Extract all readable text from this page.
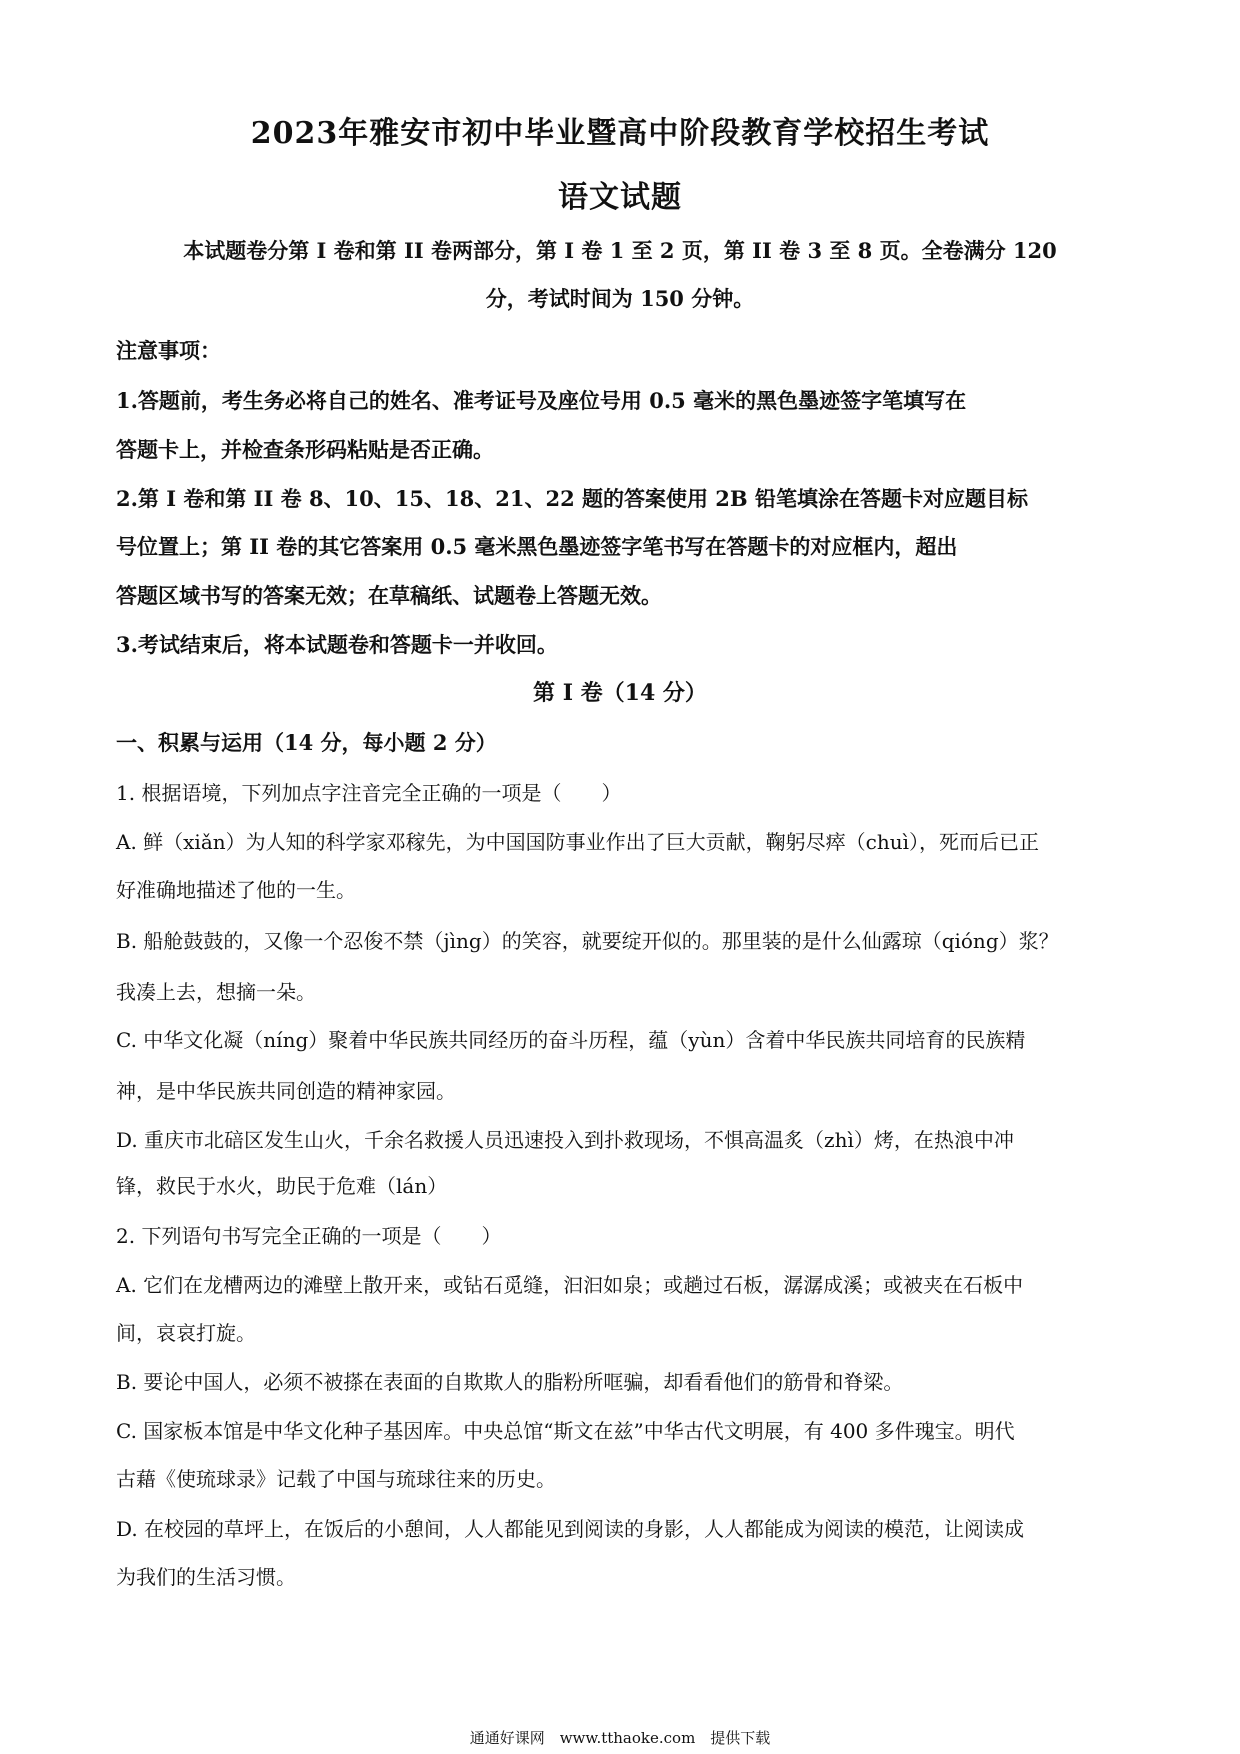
2023年雅安市初中毕业暨高中阶段教育学校招生考试
语文试题
本试题卷分第 I 卷和第 II 卷两部分，第 I 卷 1 至 2 页，第 II 卷 3 至 8 页。全卷满分 120
分，考试时间为 150 分钟。
注意事项：
1.答题前，考生务必将自己的姓名、准考证号及座位号用 0.5 毫米的黑色墨迹签字笔填写在
答题卡上，并检查条形码粘贴是否正确。
2.第 I 卷和第 II 卷 8、10、15、18、21、22 题的答案使用 2B 铅笔填涂在答题卡对应题目标
号位置上；第 II 卷的其它答案用 0.5 毫米黑色墨迹签字笔书写在答题卡的对应框内，超出
答题区域书写的答案无效；在草稿纸、试题卷上答题无效。
3.考试结束后，将本试题卷和答题卡一并收回。
第 I 卷（14 分）
一、积累与运用（14 分，每小题 2 分）
1. 根据语境，下列加点字注音完全正确的一项是（　　）
A. 鲜（xiǎn）为人知的科学家邓稼先，为中国国防事业作出了巨大贡献，鞠躬尽瘁（chuì），死而后已正
好准确地描述了他的一生。
B. 船舱鼓鼓的，又像一个忍俊不禁（jìng）的笑容，就要绽开似的。那里装的是什么仙露琼（qióng）浆？
我凑上去，想摘一朵。
C. 中华文化凝（níng）聚着中华民族共同经历的奋斗历程，蕴（yùn）含着中华民族共同培育的民族精
神，是中华民族共同创造的精神家园。
D. 重庆市北碚区发生山火，千余名救援人员迅速投入到扑救现场，不惧高温炙（zhì）烤，在热浪中冲
锋，救民于水火，助民于危难（lán）
2. 下列语句书写完全正确的一项是（　　）
A. 它们在龙槽两边的滩壁上散开来，或钻石觅缝，汩汩如泉；或趟过石板，潺潺成溪；或被夹在石板中
间，哀哀打旋。
B. 要论中国人，必须不被搽在表面的自欺欺人的脂粉所哐骗，却看看他们的筋骨和脊梁。
C. 国家板本馆是中华文化种子基因库。中央总馆“斯文在兹”中华古代文明展，有 400 多件瑰宝。明代
古藉《使琉球录》记载了中国与琉球往来的历史。
D. 在校园的草坪上，在饭后的小憩间，人人都能见到阅读的身影，人人都能成为阅读的模范，让阅读成
为我们的生活习惯。
通通好课网　www.tthaoke.com　提供下载
